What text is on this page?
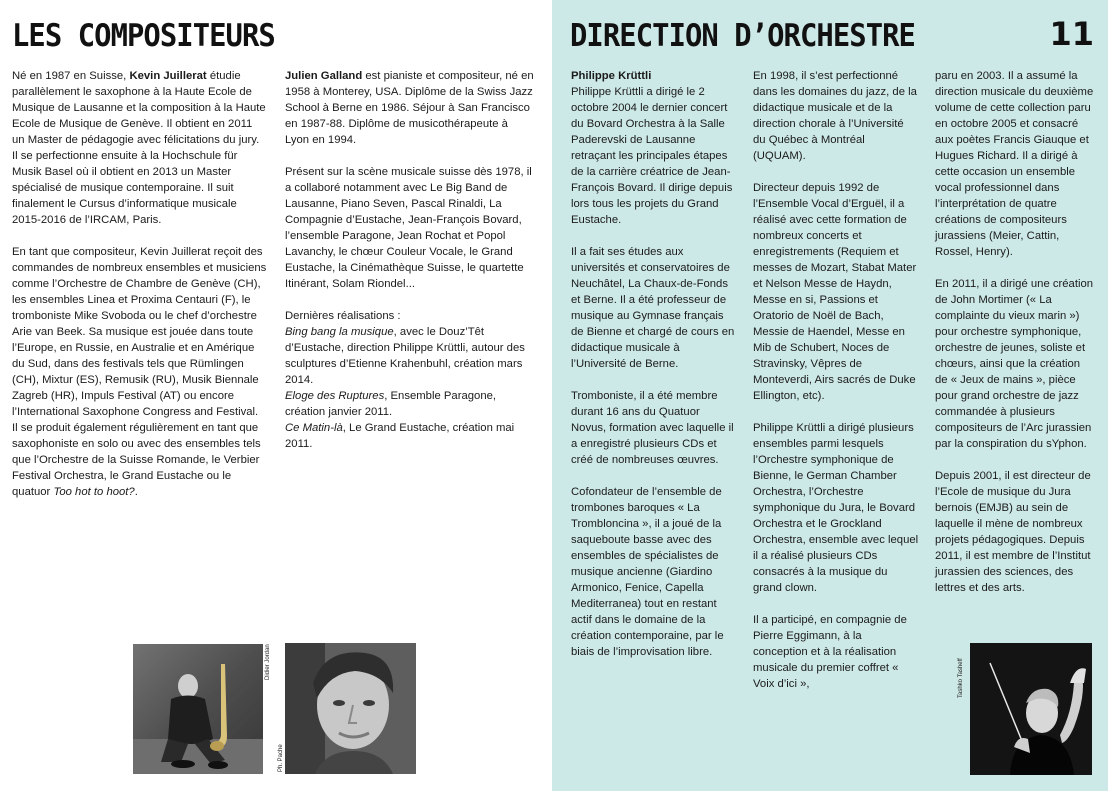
LES COMPOSITEURS

Né en 1987 en Suisse, Kevin Juillerat étudie parallèlement le saxophone à la Haute Ecole de Musique de Lausanne et la composition à la Haute Ecole de Musique de Genève. Il obtient en 2011 un Master de pédagogie avec félicitations du jury. Il se perfectionne ensuite à la Hochschule für Musik Basel où il obtient en 2013 un Master spécialisé de musique contemporaine. Il suit finalement le Cursus d’informatique musicale 2015-2016 de l’IRCAM, Paris.

En tant que compositeur, Kevin Juillerat reçoit des commandes de nombreux ensembles et musiciens comme l’Orchestre de Chambre de Genève (CH), les ensembles Linea et Proxima Centauri (F), le tromboniste Mike Svoboda ou le chef d’orchestre Arie van Beek. Sa musique est jouée dans toute l’Europe, en Russie, en Australie et en Amérique du Sud, dans des festivals tels que Rümlingen (CH), Mixtur (ES), Remusik (RU), Musik Biennale Zagreb (HR), Impuls Festival (AT) ou encore l’International Saxophone Congress and Festival.

Il se produit également régulièrement en tant que saxophoniste en solo ou avec des ensembles tels que l’Orchestre de la Suisse Romande, le Verbier Festival Orchestra, le Grand Eustache ou le quatuor Too hot to hoot?.

Julien Galland est pianiste et compositeur, né en 1958 à Monterey, USA. Diplôme de la Swiss Jazz School à Berne en 1986. Séjour à San Francisco en 1987-88. Diplôme de musicothérapeute à Lyon en 1994.

Présent sur la scène musicale suisse dès 1978, il a collaboré notamment avec Le Big Band de Lausanne, Piano Seven, Pascal Rinaldi, La Compagnie d’Eustache, Jean-François Bovard, l’ensemble Paragone, Jean Rochat et Popol Lavanchy, le chœur Couleur Vocale, le Grand Eustache, la Cinémathèque Suisse, le quartette Itinérant, Solam Riondel...

Dernières réalisations :

Bing bang la musique, avec le Douz’Têt d’Eustache, direction Philippe Krüttli, autour des sculptures d’Etienne Krahenbuhl, création mars 2014.

Eloge des Ruptures, Ensemble Paragone, création janvier 2011.

Ce Matin-là, Le Grand Eustache, création mai 2011.

Didier Jordan
Ph. Pache
DIRECTION D’ORCHESTRE	11

Philippe Krüttli

Philippe Krüttli a dirigé le 2 octobre 2004 le dernier concert du Bovard Orchestra à la Salle Paderevski de Lausanne retraçant les principales étapes de la carrière créatrice de Jean-François Bovard. Il dirige depuis lors tous les projets du Grand Eustache.

Il a fait ses études aux universités et conservatoires de Neuchâtel, La Chaux-de-Fonds et Berne. Il a été professeur de musique au Gymnase français de Bienne et chargé de cours en didactique musicale à l’Université de Berne.

Tromboniste, il a été membre durant 16 ans du Quatuor Novus, formation avec laquelle il a enregistré plusieurs CDs et créé de nombreuses œuvres.

Cofondateur de l’ensemble de trombones baroques « La Trombloncina », il a joué de la saqueboute basse avec des ensembles de spécialistes de musique ancienne (Giardino Armonico, Fenice, Capella Mediterranea) tout en restant actif dans le domaine de la création contemporaine, par le biais de l’improvisation libre.

En 1998, il s’est perfectionné dans les domaines du jazz, de la didactique musicale et de la direction chorale à l’Université du Québec à Montréal (UQUAM).

Directeur depuis 1992 de l’Ensemble Vocal d’Erguël, il a réalisé avec cette formation de nombreux concerts et enregistrements (Requiem et messes de Mozart, Stabat Mater et Nelson Messe de Haydn, Messe en si, Passions et Oratorio de Noël de Bach, Messie de Haendel, Messe en Mib de Schubert, Noces de Stravinsky, Vêpres de Monteverdi, Airs sacrés de Duke Ellington, etc).

Philippe Krüttli a dirigé plusieurs ensembles parmi lesquels l’Orchestre symphonique de Bienne, le German Chamber Orchestra, l’Orchestre symphonique du Jura, le Bovard Orchestra et le Grockland Orchestra, ensemble avec lequel il a réalisé plusieurs CDs consacrés à la musique du grand clown.

Il a participé, en compagnie de Pierre Eggimann, à la conception et à la réalisation musicale du premier coffret « Voix d’ici »,

paru en 2003. Il a assumé la direction musicale du deuxième volume de cette collection paru en octobre 2005 et consacré aux poètes Francis Giauque et Hugues Richard. Il a dirigé à cette occasion un ensemble vocal professionnel dans l’interprétation de quatre créations de compositeurs jurassiens (Meier, Cattin, Rossel, Henry).

En 2011, il a dirigé une création de John Mortimer (« La complainte du vieux marin ») pour orchestre symphonique, orchestre de jeunes, soliste et chœurs, ainsi que la création de « Jeux de mains », pièce pour grand orchestre de jazz commandée à plusieurs compositeurs de l’Arc jurassien par la conspiration du sYphon.

Depuis 2001, il est directeur de l’Ecole de musique du Jura bernois (EMJB) au sein de laquelle il mène de nombreux projets pédagogiques. Depuis 2011, il est membre de l’Institut jurassien des sciences, des lettres et des arts.

Tashko Tasheff
